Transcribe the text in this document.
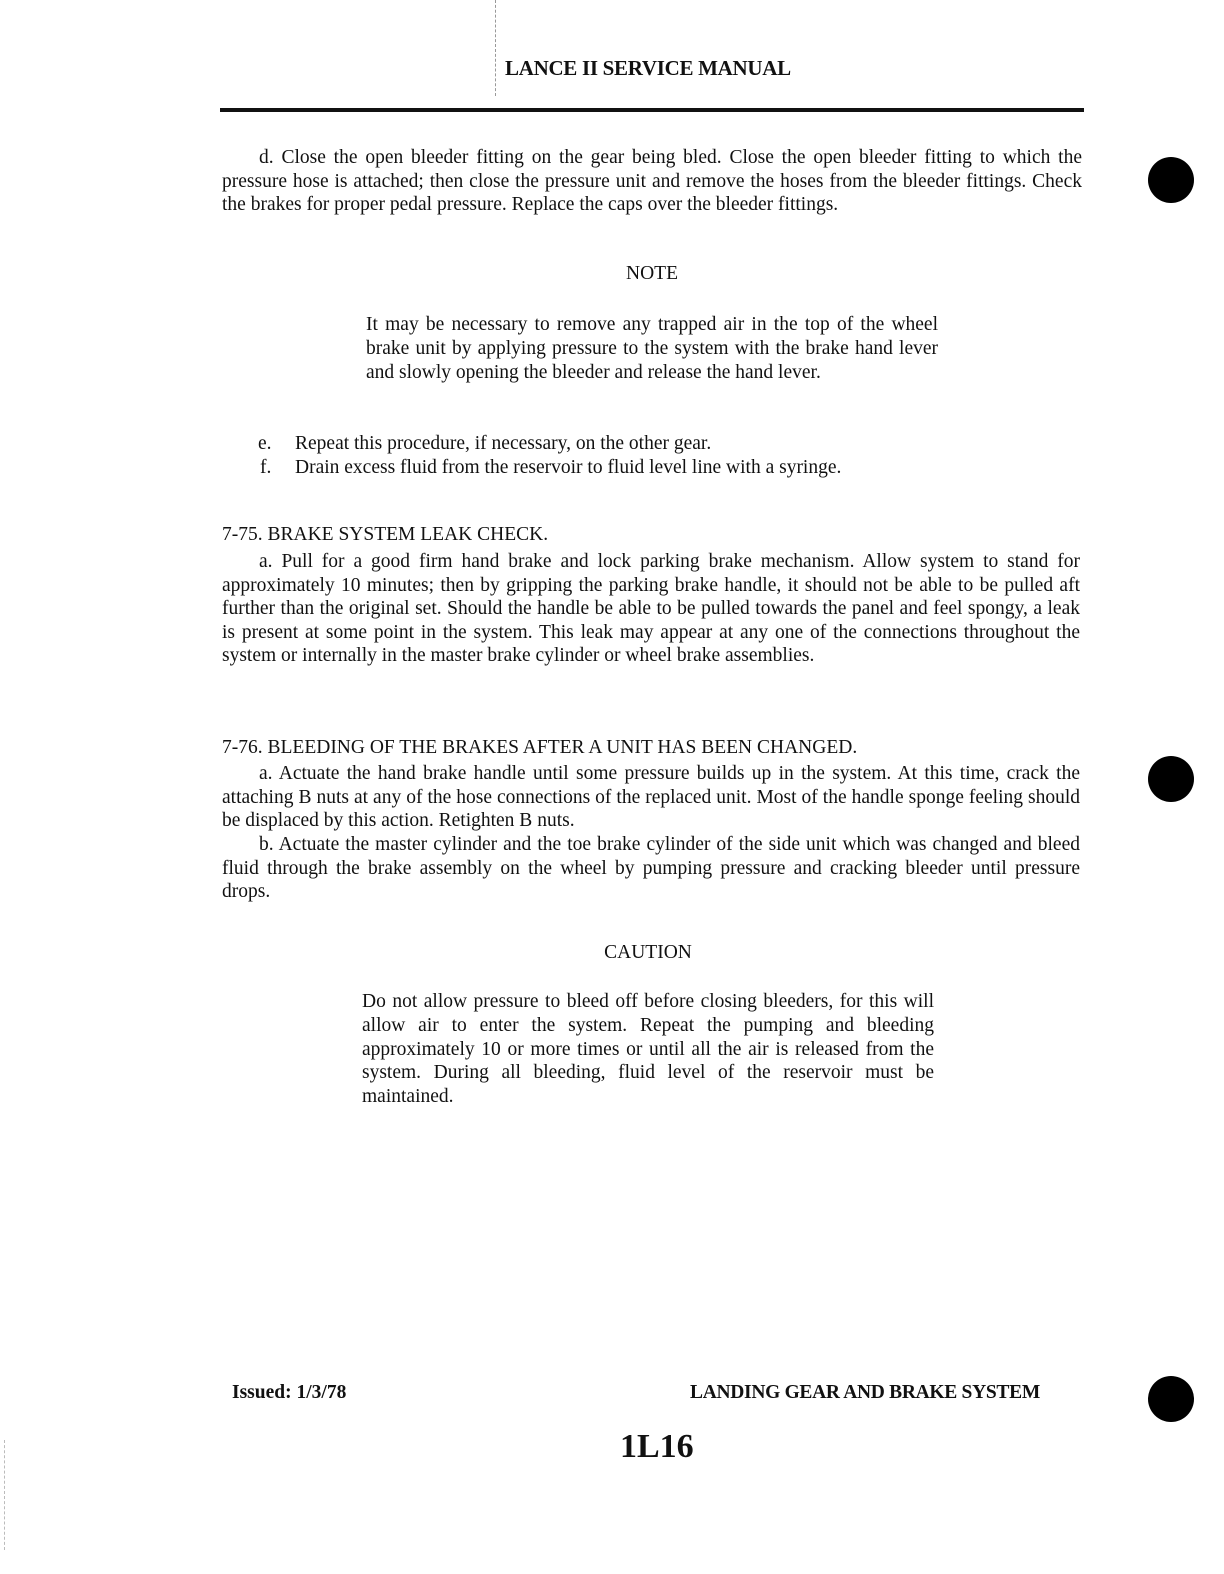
LANCE II SERVICE MANUAL

d. Close the open bleeder fitting on the gear being bled. Close the open bleeder fitting to which the pressure hose is attached; then close the pressure unit and remove the hoses from the bleeder fittings. Check the brakes for proper pedal pressure. Replace the caps over the bleeder fittings.

NOTE

It may be necessary to remove any trapped air in the top of the wheel brake unit by applying pressure to the system with the brake hand lever and slowly opening the bleeder and release the hand lever.

e. Repeat this procedure, if necessary, on the other gear.
f. Drain excess fluid from the reservoir to fluid level line with a syringe.
7-75. BRAKE SYSTEM LEAK CHECK.

a. Pull for a good firm hand brake and lock parking brake mechanism. Allow system to stand for approximately 10 minutes; then by gripping the parking brake handle, it should not be able to be pulled aft further than the original set. Should the handle be able to be pulled towards the panel and feel spongy, a leak is present at some point in the system. This leak may appear at any one of the connections throughout the system or internally in the master brake cylinder or wheel brake assemblies.

7-76. BLEEDING OF THE BRAKES AFTER A UNIT HAS BEEN CHANGED.

a. Actuate the hand brake handle until some pressure builds up in the system. At this time, crack the attaching B nuts at any of the hose connections of the replaced unit. Most of the handle sponge feeling should be displaced by this action. Retighten B nuts.

b. Actuate the master cylinder and the toe brake cylinder of the side unit which was changed and bleed fluid through the brake assembly on the wheel by pumping pressure and cracking bleeder until pressure drops.

CAUTION

Do not allow pressure to bleed off before closing bleeders, for this will allow air to enter the system. Repeat the pumping and bleeding approximately 10 or more times or until all the air is released from the system. During all bleeding, fluid level of the reservoir must be maintained.

Issued: 1/3/78	LANDING GEAR AND BRAKE SYSTEM
1L16
